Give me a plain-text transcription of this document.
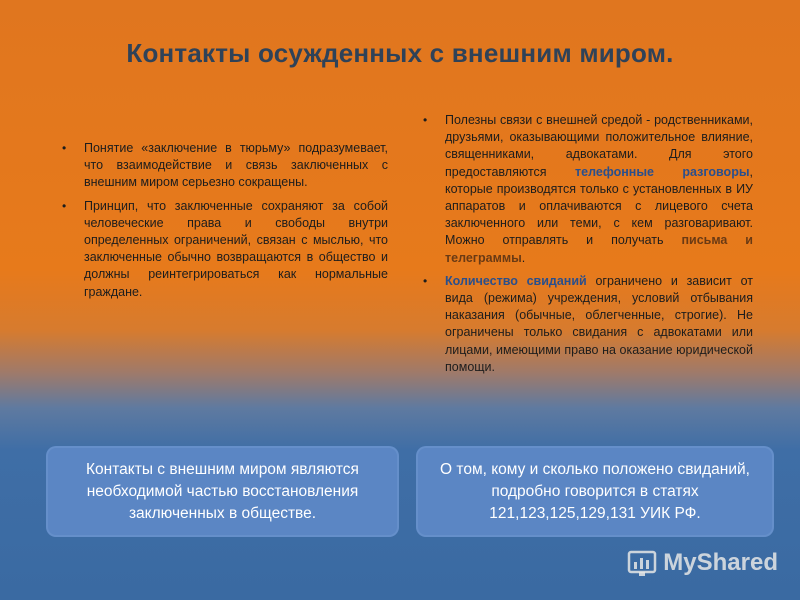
Контакты осужденных с внешним миром.
• Понятие «заключение в тюрьму» подразумевает, что взаимодействие и связь заключенных с внешним миром серьезно сокращены.
• Принцип, что заключенные сохраняют за собой человеческие права и свободы внутри определенных ограничений, связан с мыслью, что заключенные обычно возвращаются в общество и должны реинтегрироваться как нормальные граждане.
• Полезны связи с внешней средой - родственниками, друзьями, оказывающими положительное влияние, священниками, адвокатами. Для этого предоставляются телефонные разговоры, которые производятся только с установленных в ИУ аппаратов и оплачиваются с лицевого счета заключенного или теми, с кем разговаривают. Можно отправлять и получать письма и телеграммы.
• Количество свиданий ограничено и зависит от вида (режима) учреждения, условий отбывания наказания (обычные, облегченные, строгие). Не ограничены только свидания с адвокатами или лицами, имеющими право на оказание юридической помощи.
Контакты с внешним миром являются необходимой частью восстановления заключенных в обществе.
О том, кому и сколько положено свиданий, подробно говорится в статях 121,123,125,129,131 УИК РФ.
MyShared
